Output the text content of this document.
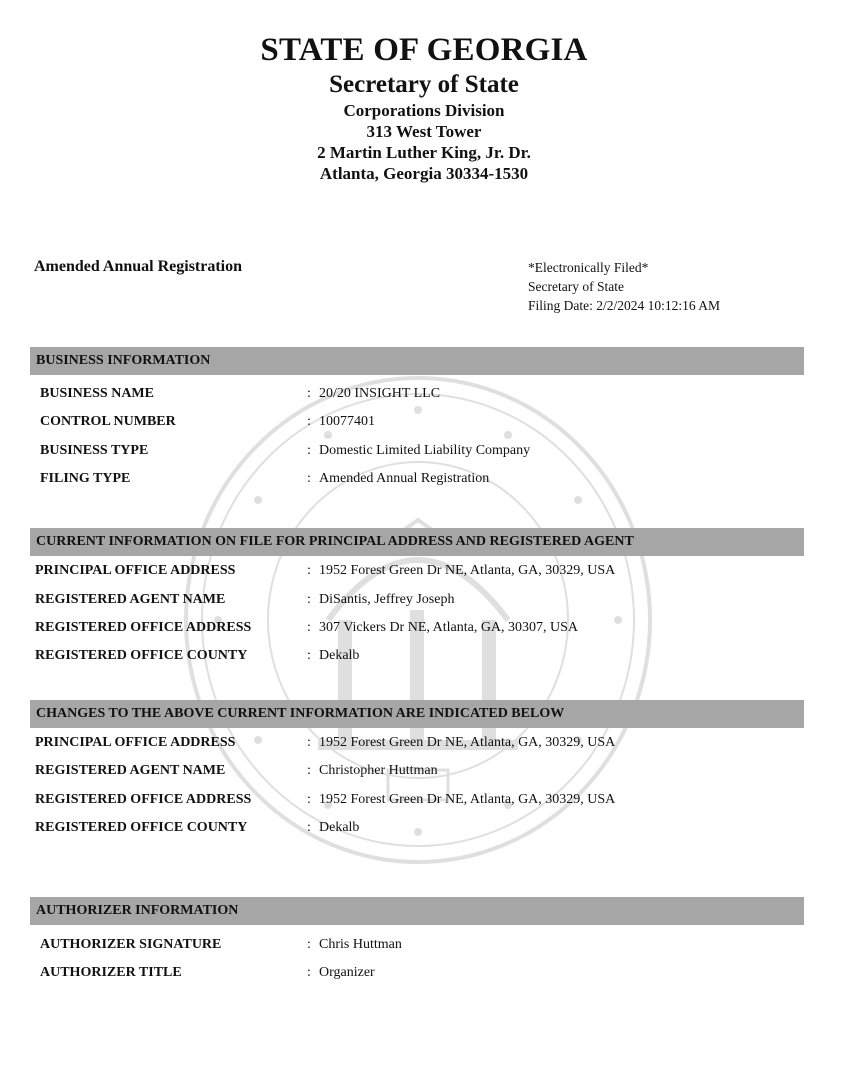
STATE OF GEORGIA
Secretary of State
Corporations Division
313 West Tower
2 Martin Luther King, Jr. Dr.
Atlanta, Georgia 30334-1530
Amended Annual Registration	*Electronically Filed*
Secretary of State
Filing Date: 2/2/2024 10:12:16 AM
BUSINESS INFORMATION
BUSINESS NAME	: 20/20 INSIGHT LLC
CONTROL NUMBER	: 10077401
BUSINESS TYPE	: Domestic Limited Liability Company
FILING TYPE	: Amended Annual Registration
CURRENT INFORMATION ON FILE FOR PRINCIPAL ADDRESS AND REGISTERED AGENT
PRINCIPAL OFFICE ADDRESS	: 1952 Forest Green Dr NE, Atlanta, GA, 30329, USA
REGISTERED AGENT NAME	: DiSantis, Jeffrey Joseph
REGISTERED OFFICE ADDRESS	: 307 Vickers Dr NE, Atlanta, GA, 30307, USA
REGISTERED OFFICE COUNTY	: Dekalb
CHANGES TO THE ABOVE CURRENT INFORMATION ARE INDICATED BELOW
PRINCIPAL OFFICE ADDRESS	: 1952 Forest Green Dr NE, Atlanta, GA, 30329, USA
REGISTERED AGENT NAME	: Christopher Huttman
REGISTERED OFFICE ADDRESS	: 1952 Forest Green Dr NE, Atlanta, GA, 30329, USA
REGISTERED OFFICE COUNTY	: Dekalb
AUTHORIZER INFORMATION
AUTHORIZER SIGNATURE	: Chris Huttman
AUTHORIZER TITLE	: Organizer
